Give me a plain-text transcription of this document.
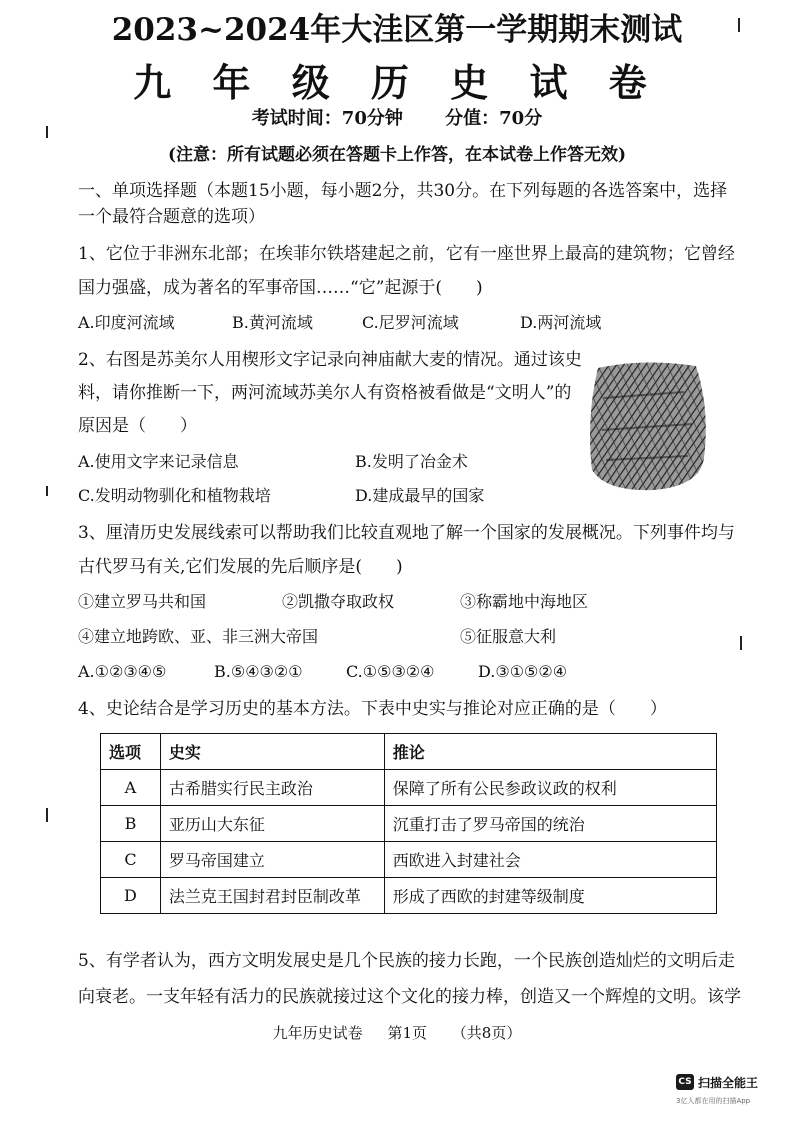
2023~2024年大洼区第一学期期末测试
九 年 级 历 史 试 卷
考试时间：70分钟 分值：70分
(注意：所有试题必须在答题卡上作答，在本试卷上作答无效)
一、单项选择题（本题15小题，每小题2分，共30分。在下列每题的各选答案中，选择
一个最符合题意的选项）
1、它位于非洲东北部；在埃菲尔铁塔建起之前，它有一座世界上最高的建筑物；它曾经
国力强盛，成为著名的军事帝国……“它”起源于(　　)
A.印度河流域	B.黄河流域	C.尼罗河流域	D.两河流域
2、右图是苏美尔人用楔形文字记录向神庙献大麦的情况。通过该史
料，请你推断一下，两河流域苏美尔人有资格被看做是“文明人”的
原因是（　　）
A.使用文字来记录信息	B.发明了冶金术
C.发明动物驯化和植物栽培	D.建成最早的国家
3、厘清历史发展线索可以帮助我们比较直观地了解一个国家的发展概况。下列事件均与
古代罗马有关,它们发展的先后顺序是(　　)
①建立罗马共和国	②凯撒夺取政权	③称霸地中海地区
④建立地跨欧、亚、非三洲大帝国	⑤征服意大利
A.①②③④⑤	B.⑤④③②①	C.①⑤③②④	D.③①⑤②④
4、史论结合是学习历史的基本方法。下表中史实与推论对应正确的是（　　）
选项	史实	推论
A	古希腊实行民主政治	保障了所有公民参政议政的权利
B	亚历山大东征	沉重打击了罗马帝国的统治
C	罗马帝国建立	西欧进入封建社会
D	法兰克王国封君封臣制改革	形成了西欧的封建等级制度
5、有学者认为，西方文明发展史是几个民族的接力长跑，一个民族创造灿烂的文明后走
向衰老。一支年轻有活力的民族就接过这个文化的接力棒，创造又一个辉煌的文明。该学
九年历史试卷 第1页 （共8页）
CS 扫描全能王
3亿人都在用的扫描App
